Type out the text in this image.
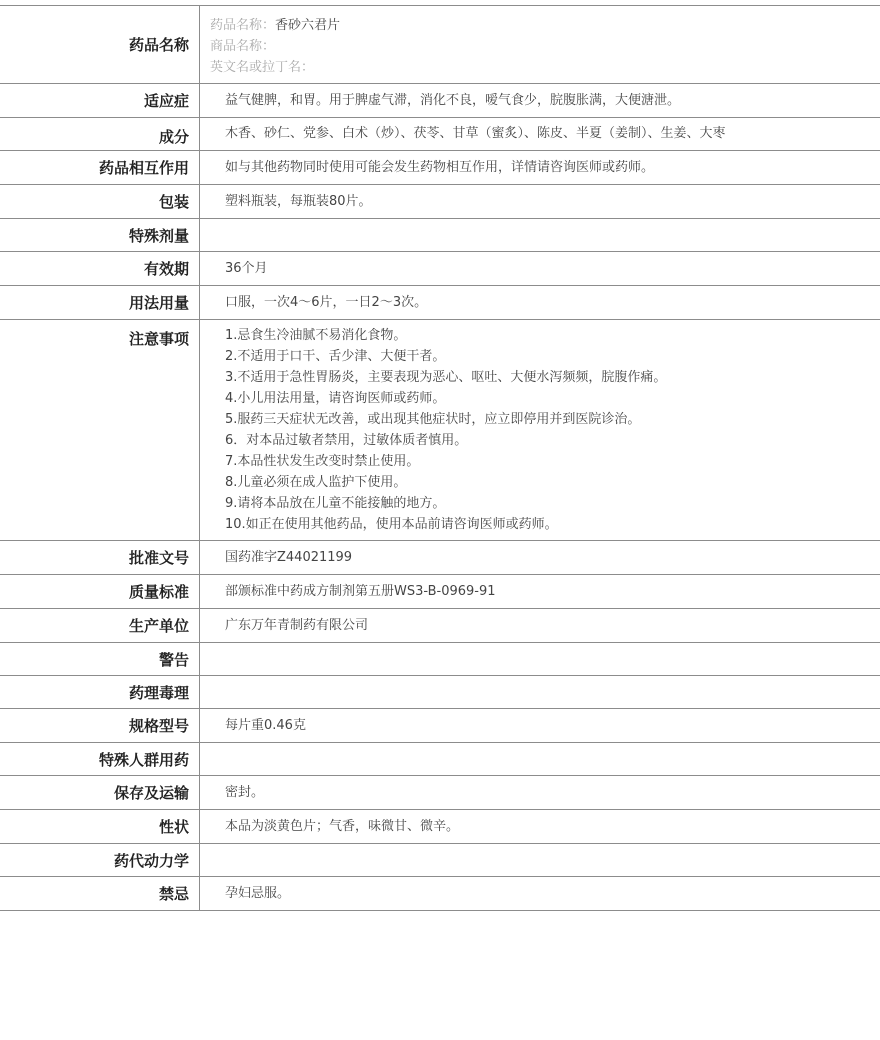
药品名称
药品名称：香砂六君片
商品名称：
英文名或拉丁名：
适应症	益气健脾，和胃。用于脾虚气滞，消化不良，嗳气食少，脘腹胀满，大便溏泄。
成分	木香、砂仁、党参、白术（炒）、茯苓、甘草（蜜炙）、陈皮、半夏（姜制）、生姜、大枣
药品相互作用	如与其他药物同时使用可能会发生药物相互作用，详情请咨询医师或药师。
包装	塑料瓶装，每瓶装80片。
特殊剂量
有效期	36个月
用法用量	口服，一次4～6片，一日2～3次。
注意事项	1.忌食生冷油腻不易消化食物。
2.不适用于口干、舌少津、大便干者。
3.不适用于急性胃肠炎，主要表现为恶心、呕吐、大便水泻频频，脘腹作痛。
4.小儿用法用量，请咨询医师或药师。
5.服药三天症状无改善，或出现其他症状时，应立即停用并到医院诊治。
6．对本品过敏者禁用，过敏体质者慎用。
7.本品性状发生改变时禁止使用。
8.儿童必须在成人监护下使用。
9.请将本品放在儿童不能接触的地方。
10.如正在使用其他药品，使用本品前请咨询医师或药师。
批准文号	国药准字Z44021199
质量标准	部颁标准中药成方制剂第五册WS3-B-0969-91
生产单位	广东万年青制药有限公司
警告
药理毒理
规格型号	每片重0.46克
特殊人群用药
保存及运输	密封。
性状	本品为淡黄色片；气香，味微甘、微辛。
药代动力学
禁忌	孕妇忌服。
